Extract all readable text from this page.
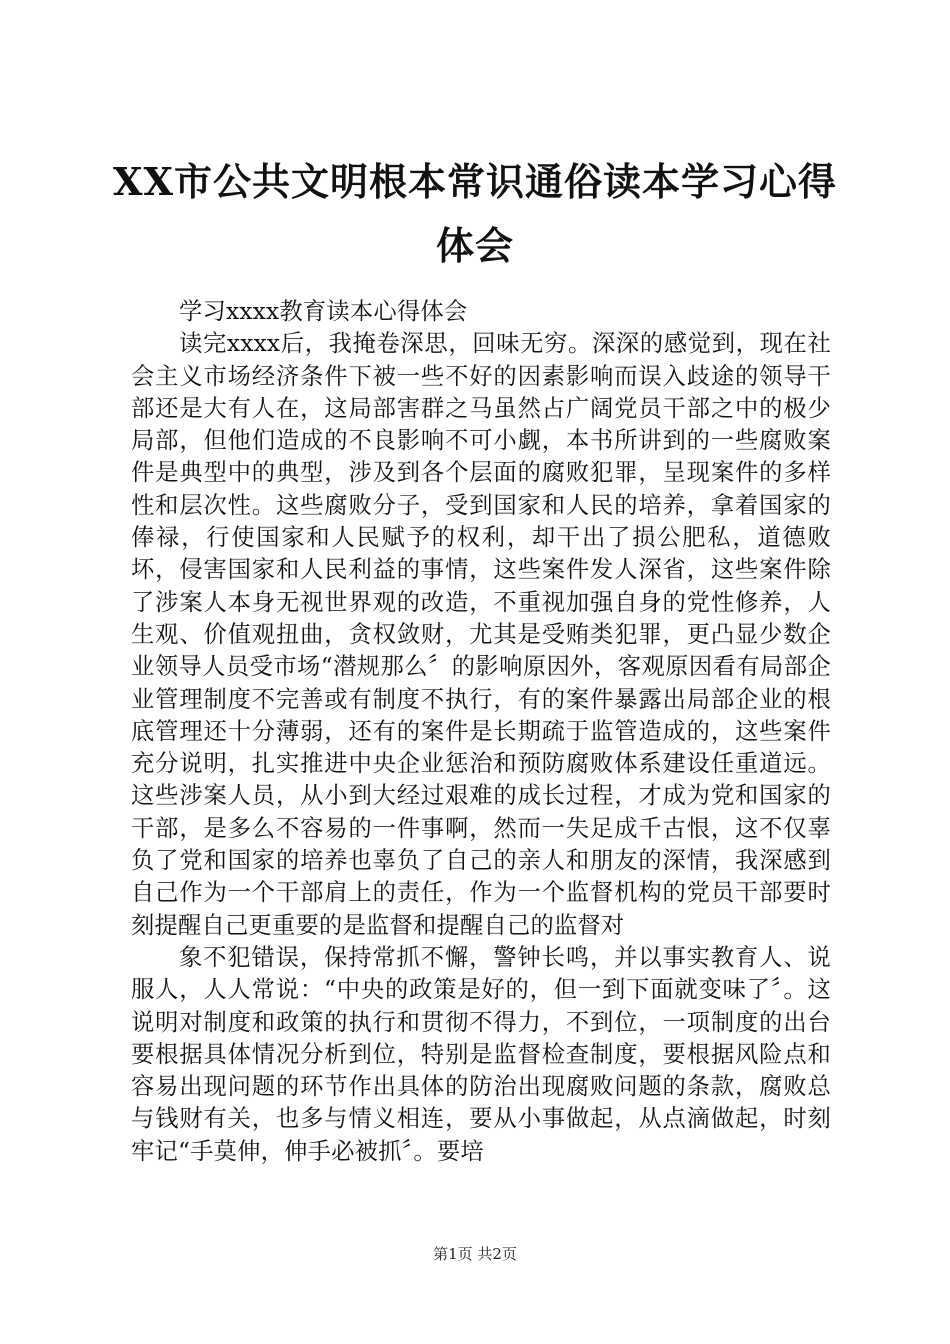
XX市公共文明根本常识通俗读本学习心得体会

学习xxxx教育读本心得体会

读完xxxx后，我掩卷深思，回味无穷。深深的感觉到，现在社会主义市场经济条件下被一些不好的因素影响而误入歧途的领导干部还是大有人在，这局部害群之马虽然占广阔党员干部之中的极少局部，但他们造成的不良影响不可小觑，本书所讲到的一些腐败案件是典型中的典型，涉及到各个层面的腐败犯罪，呈现案件的多样性和层次性。这些腐败分子，受到国家和人民的培养，拿着国家的俸禄，行使国家和人民赋予的权利，却干出了损公肥私，道德败坏，侵害国家和人民利益的事情，这些案件发人深省，这些案件除了涉案人本身无视世界观的改造，不重视加强自身的党性修养，人生观、价值观扭曲，贪权敛财，尤其是受贿类犯罪，更凸显少数企业领导人员受市场“潜规那么〞的影响原因外，客观原因看有局部企业管理制度不完善或有制度不执行，有的案件暴露出局部企业的根底管理还十分薄弱，还有的案件是长期疏于监管造成的，这些案件充分说明，扎实推进中央企业惩治和预防腐败体系建设任重道远。这些涉案人员，从小到大经过艰难的成长过程，才成为党和国家的干部，是多么不容易的一件事啊，然而一失足成千古恨，这不仅辜负了党和国家的培养也辜负了自己的亲人和朋友的深情，我深感到自己作为一个干部肩上的责任，作为一个监督机构的党员干部要时刻提醒自己更重要的是监督和提醒自己的监督对

象不犯错误，保持常抓不懈，警钟长鸣，并以事实教育人、说服人，人人常说：“中央的政策是好的，但一到下面就变味了〞。这说明对制度和政策的执行和贯彻不得力，不到位，一项制度的出台要根据具体情况分析到位，特别是监督检查制度，要根据风险点和容易出现问题的环节作出具体的防治出现腐败问题的条款，腐败总与钱财有关，也多与情义相连，要从小事做起，从点滴做起，时刻牢记“手莫伸，伸手必被抓〞。要培

第1页 共2页
